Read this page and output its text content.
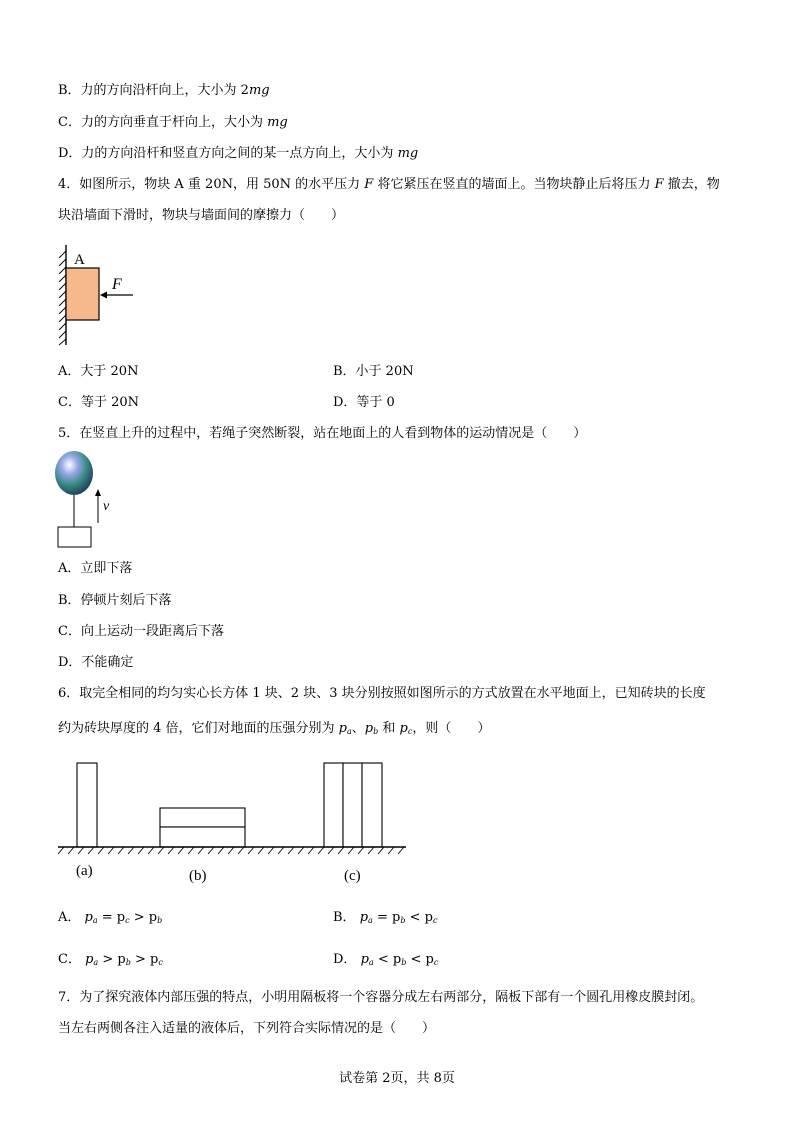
B．力的方向沿杆向上，大小为 2mg
C．力的方向垂直于杆向上，大小为 mg
D．力的方向沿杆和竖直方向之间的某一点方向上，大小为 mg
4．如图所示，物块 A 重 20N，用 50N 的水平压力 F 将它紧压在竖直的墙面上。当物块静止后将压力 F 撤去，物
块沿墙面下滑时，物块与墙面间的摩擦力（　　）
A
F
A．大于 20N	B．小于 20N
C．等于 20N	D．等于 0
5．在竖直上升的过程中，若绳子突然断裂，站在地面上的人看到物体的运动情况是（　　）
v
A．立即下落
B．停顿片刻后下落
C．向上运动一段距离后下落
D．不能确定
6．取完全相同的均匀实心长方体 1 块、2 块、3 块分别按照如图所示的方式放置在水平地面上，已知砖块的长度
约为砖块厚度的 4 倍，它们对地面的压强分别为 $p_a$、$p_b$ 和 $p_c$，则（　　）
(a)	(b)	(c)
A． $p_a = p_c > p_b$	B． $p_a = p_b < p_c$
C． $p_a > p_b > p_c$	D． $p_a < p_b < p_c$
7．为了探究液体内部压强的特点，小明用隔板将一个容器分成左右两部分，隔板下部有一个圆孔用橡皮膜封闭。
当左右两侧各注入适量的液体后，下列符合实际情况的是（　　）
试卷第 2页，共 8页
